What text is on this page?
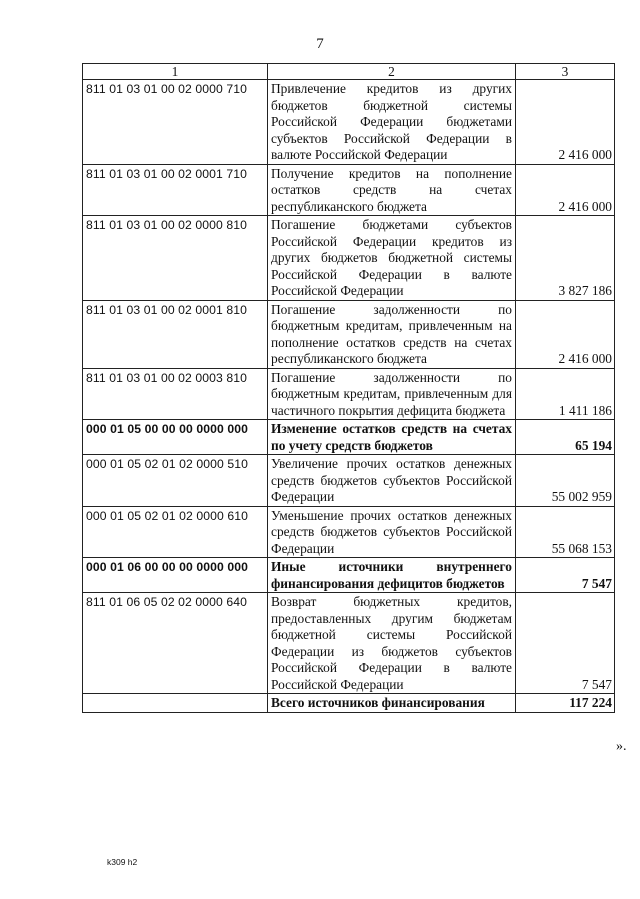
7
1	2	3
811 01 03 01 00 02 0000 710	Привлечение кредитов из других бюджетов бюджетной системы Российской Федерации бюджетами субъектов Российской Федерации в валюте Российской Федерации	2 416 000
811 01 03 01 00 02 0001 710	Получение кредитов на пополнение остатков средств на счетах республиканского бюджета	2 416 000
811 01 03 01 00 02 0000 810	Погашение бюджетами субъектов Российской Федерации кредитов из других бюджетов бюджетной системы Российской Федерации в валюте Российской Федерации	3 827 186
811 01 03 01 00 02 0001 810	Погашение задолженности по бюджетным кредитам, привлеченным на пополнение остатков средств на счетах республиканского бюджета	2 416 000
811 01 03 01 00 02 0003 810	Погашение задолженности по бюджетным кредитам, привлеченным для частичного покрытия дефицита бюджета	1 411 186
000 01 05 00 00 00 0000 000	Изменение остатков средств на счетах по учету средств бюджетов	65 194
000 01 05 02 01 02 0000 510	Увеличение прочих остатков денежных средств бюджетов субъектов Российской Федерации	55 002 959
000 01 05 02 01 02 0000 610	Уменьшение прочих остатков денежных средств бюджетов субъектов Российской Федерации	55 068 153
000 01 06 00 00 00 0000 000	Иные источники внутреннего финансирования дефицитов бюджетов	7 547
811 01 06 05 02 02 0000 640	Возврат бюджетных кредитов, предоставленных другим бюджетам бюджетной системы Российской Федерации из бюджетов субъектов Российской Федерации в валюте Российской Федерации	7 547
	Всего источников финансирования	117 224
».
k309 h2
